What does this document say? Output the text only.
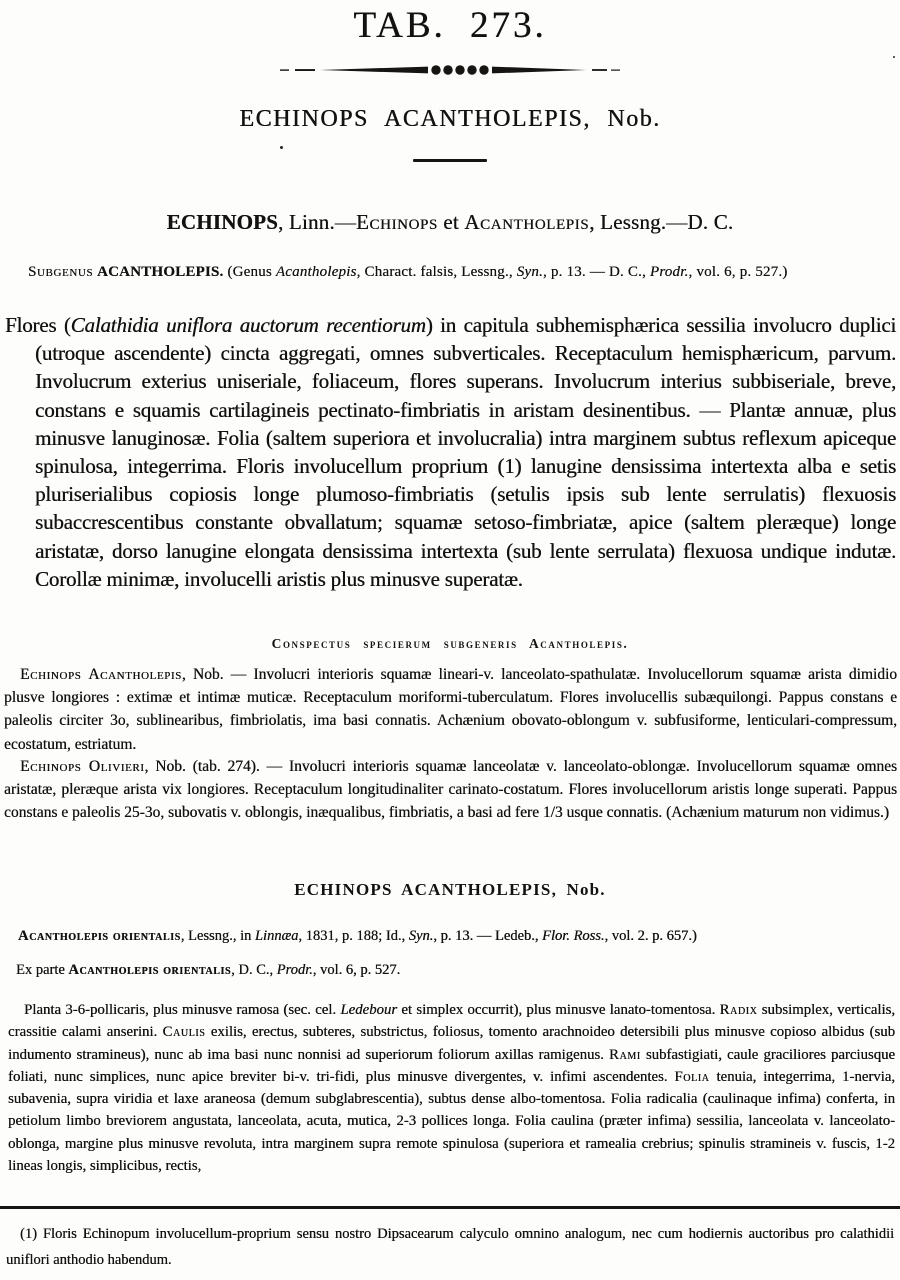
TAB. 273.
ECHINOPS ACANTHOLEPIS, Nob.
ECHINOPS, Linn.—Echinops et Acantholepis, Lessng.—D. C.
Subgenus ACANTHOLEPIS. (Genus Acantholepis, Charact. falsis, Lessng., Syn., p. 13. — D. C., Prodr., vol. 6, p. 527.)
Flores (Calathidia uniflora auctorum recentiorum) in capitula subhemisphærica sessilia involucro duplici (utroque ascendente) cincta aggregati, omnes subverticales. Receptaculum hemisphæricum, parvum. Involucrum exterius uniseriale, foliaceum, flores superans. Involucrum interius subbiseriale, breve, constans e squamis cartilagineis pectinato-fimbriatis in aristam desinentibus. — Plantæ annuæ, plus minusve lanuginosæ. Folia (saltem superiora et involucralia) intra marginem subtus reflexum apiceque spinulosa, integerrima. Floris involucellum proprium (1) lanugine densissima intertexta alba e setis pluriserialibus copiosis longe plumoso-fimbriatis (setulis ipsis sub lente serrulatis) flexuosis subaccrescentibus constante obvallatum; squamæ setoso-fimbriatæ, apice (saltem pleræque) longe aristatæ, dorso lanugine elongata densissima intertexta (sub lente serrulata) flexuosa undique indutæ. Corollæ minimæ, involucelli aristis plus minusve superatæ.
Conspectus specierum subgeneris Acantholepis.
Echinops Acantholepis, Nob. — Involucri interioris squamæ lineari-v. lanceolato-spathulatæ. Involucellorum squamæ arista dimidio plusve longiores : extimæ et intimæ muticæ. Receptaculum moriformi-tuberculatum. Flores involucellis subæquilongi. Pappus constans e paleolis circiter 3o, sublinearibus, fimbriolatis, ima basi connatis. Achænium obovato-oblongum v. subfusiforme, lenticulari-compressum, ecostatum, estriatum.
Echinops Olivieri, Nob. (tab. 274). — Involucri interioris squamæ lanceolatæ v. lanceolato-oblongæ. Involucellorum squamæ omnes aristatæ, pleræque arista vix longiores. Receptaculum longitudinaliter carinato-costatum. Flores involucellorum aristis longe superati. Pappus constans e paleolis 25-3o, subovatis v. oblongis, inæqualibus, fimbriatis, a basi ad fere 1/3 usque connatis. (Achænium maturum non vidimus.)
ECHINOPS ACANTHOLEPIS, Nob.
Acantholepis orientalis, Lessng., in Linnæa, 1831, p. 188; Id., Syn., p. 13. — Ledeb., Flor. Ross., vol. 2. p. 657.)
Ex parte Acantholepis orientalis, D. C., Prodr., vol. 6, p. 527.
Planta 3-6-pollicaris, plus minusve ramosa (sec. cel. Ledebour et simplex occurrit), plus minusve lanato-tomentosa. Radix subsimplex, verticalis, crassitie calami anserini. Caulis exilis, erectus, subteres, substrictus, foliosus, tomento arachnoideo detersibili plus minusve copioso albidus (sub indumento stramineus), nunc ab ima basi nunc nonnisi ad superiorum foliorum axillas ramigenus. Rami subfastigiati, caule graciliores parciusque foliati, nunc simplices, nunc apice breviter bi-v. tri-fidi, plus minusve divergentes, v. infimi ascendentes. Folia tenuia, integerrima, 1-nervia, subavenia, supra viridia et laxe araneosa (demum subglabrescentia), subtus dense albo-tomentosa. Folia radicalia (caulinaque infima) conferta, in petiolum limbo breviorem angustata, lanceolata, acuta, mutica, 2-3 pollices longa. Folia caulina (præter infima) sessilia, lanceolata v. lanceolato-oblonga, margine plus minusve revoluta, intra marginem supra remote spinulosa (superiora et ramealia crebrius; spinulis stramineis v. fuscis, 1-2 lineas longis, simplicibus, rectis,
(1) Floris Echinopum involucellum-proprium sensu nostro Dipsacearum calyculo omnino analogum, nec cum hodiernis auctoribus pro calathidii uniflori anthodio habendum.
